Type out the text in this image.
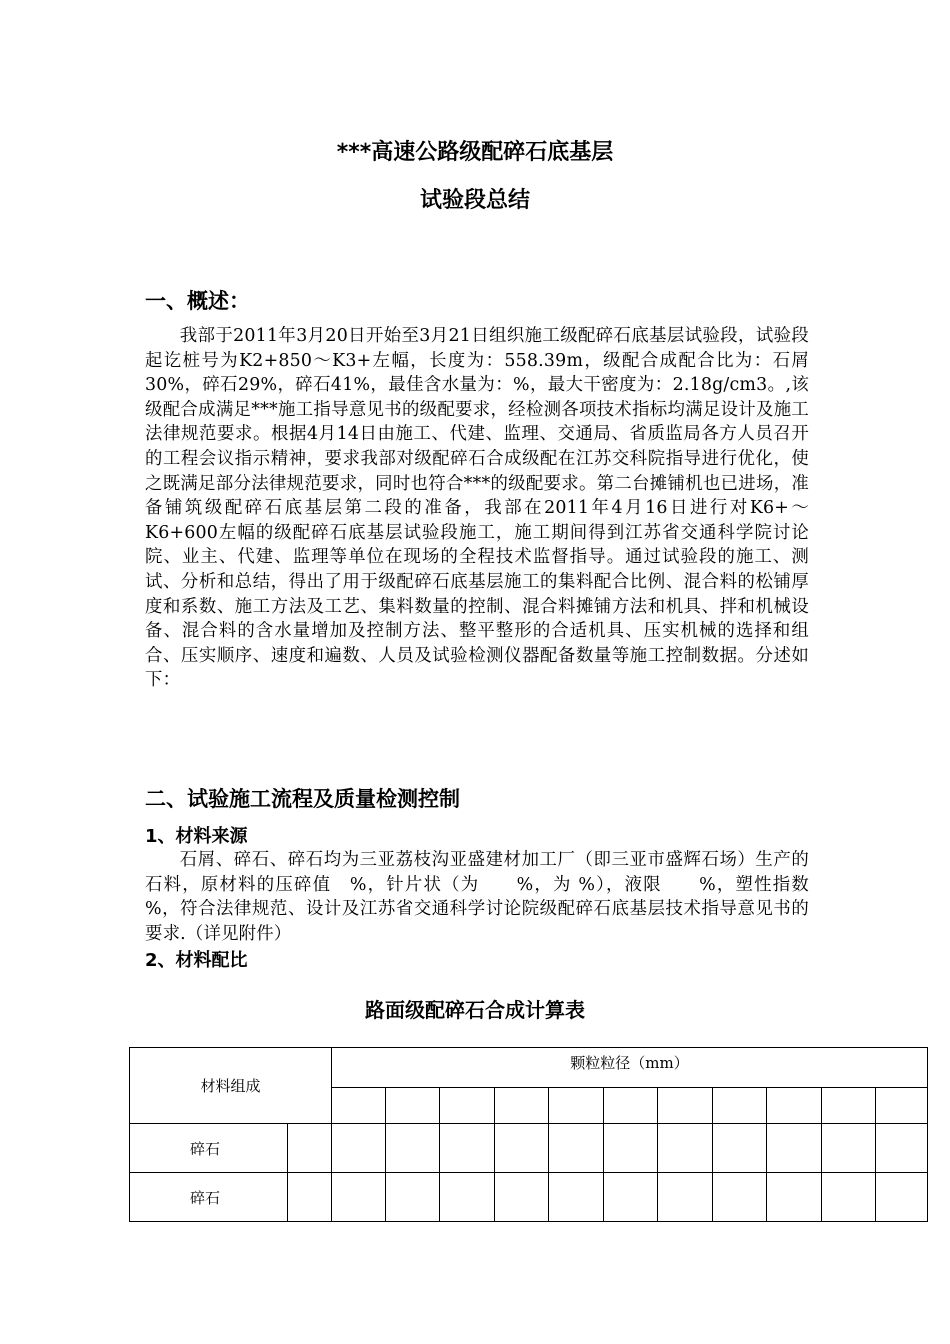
***高速公路级配碎石底基层
试验段总结
一、概述：
我部于2011年3月20日开始至3月21日组织施工级配碎石底基层试验段，试验段起讫桩号为K2+850～K3+左幅，长度为：558.39m，级配合成配合比为：石屑30%，碎石29%，碎石41%，最佳含水量为：%，最大干密度为：2.18g/cm3。,该级配合成满足***施工指导意见书的级配要求，经检测各项技术指标均满足设计及施工法律规范要求。根据4月14日由施工、代建、监理、交通局、省质监局各方人员召开的工程会议指示精神，要求我部对级配碎石合成级配在江苏交科院指导进行优化，使之既满足部分法律规范要求，同时也符合***的级配要求。第二台摊铺机也已进场，准备铺筑级配碎石底基层第二段的准备，我部在2011年4月16日进行对K6+～K6+600左幅的级配碎石底基层试验段施工，施工期间得到江苏省交通科学院讨论院、业主、代建、监理等单位在现场的全程技术监督指导。通过试验段的施工、测试、分析和总结，得出了用于级配碎石底基层施工的集料配合比例、混合料的松铺厚度和系数、施工方法及工艺、集料数量的控制、混合料摊铺方法和机具、拌和机械设备、混合料的含水量增加及控制方法、整平整形的合适机具、压实机械的选择和组合、压实顺序、速度和遍数、人员及试验检测仪器配备数量等施工控制数据。分述如下：
二、试验施工流程及质量检测控制
1、材料来源
石屑、碎石、碎石均为三亚荔枝沟亚盛建材加工厂（即三亚市盛辉石场）生产的石料，原材料的压碎值　%，针片状（为　　%，为 %），液限　　%，塑性指数　%，符合法律规范、设计及江苏省交通科学讨论院级配碎石底基层技术指导意见书的要求.（详见附件）
2、材料配比
路面级配碎石合成计算表
材料组成		颗粒粒径（mm）										

碎石												
碎石												
